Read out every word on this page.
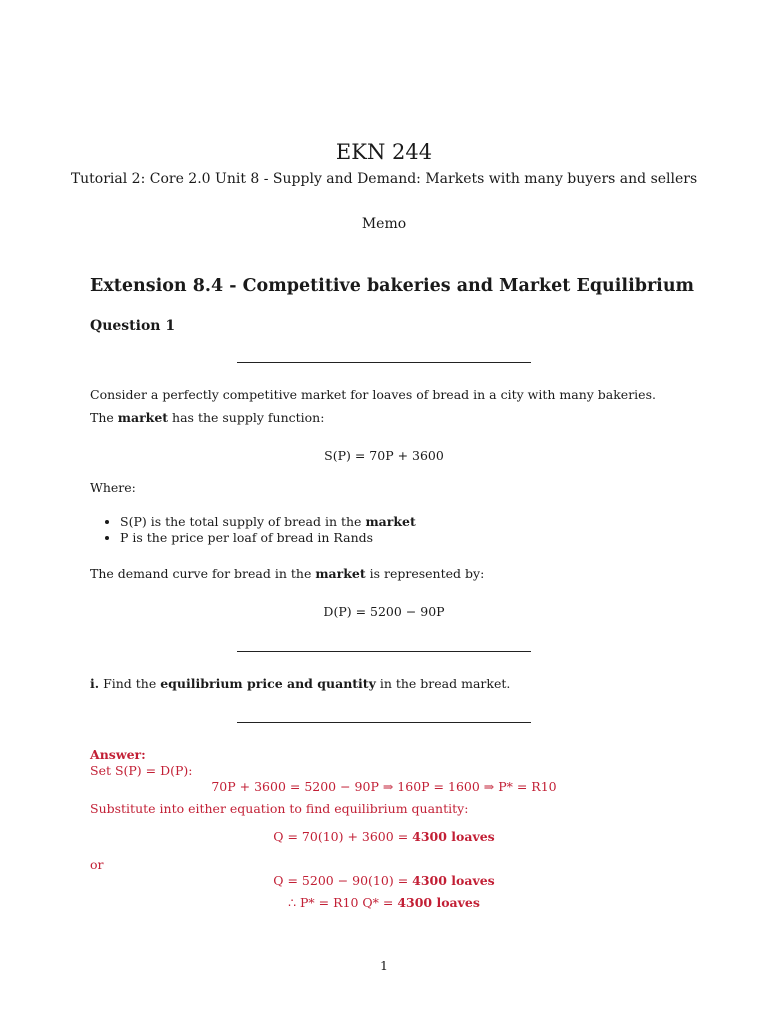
EKN 244
Tutorial 2: Core 2.0 Unit 8 - Supply and Demand: Markets with many buyers and sellers
Memo
Extension 8.4 - Competitive bakeries and Market Equilibrium
Question 1
Consider a perfectly competitive market for loaves of bread in a city with many bakeries.
The market has the supply function:
S(P) = 70P + 3600
Where:
• S(P) is the total supply of bread in the market
• P is the price per loaf of bread in Rands
The demand curve for bread in the market is represented by:
D(P) = 5200 − 90P
i. Find the equilibrium price and quantity in the bread market.
Answer:
Set S(P) = D(P):
70P + 3600 = 5200 − 90P ⇒ 160P = 1600 ⇒ P* = R10
Substitute into either equation to find equilibrium quantity:
Q = 70(10) + 3600 = 4300 loaves
or
Q = 5200 − 90(10) = 4300 loaves
∴ P* = R10 Q* = 4300 loaves
1
